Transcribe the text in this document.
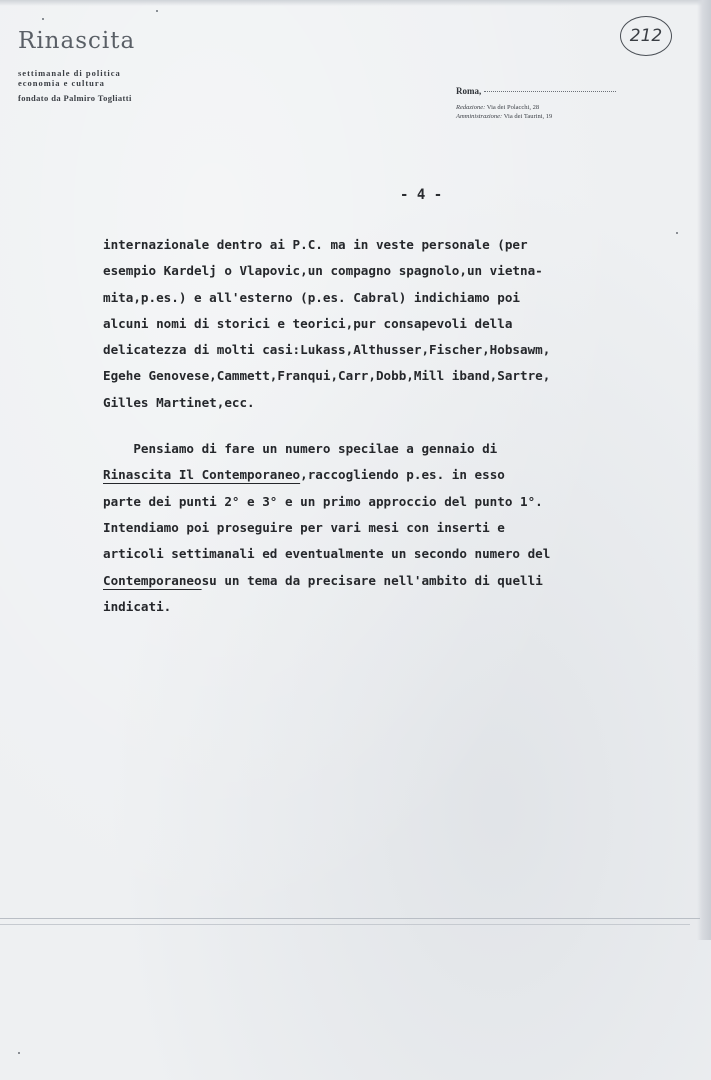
Rinascita
settimanale di politica
economia e cultura
fondato da Palmiro Togliatti
Roma,
Redazione: Via dei Polacchi, 28
Amministrazione: Via dei Taurini, 19
212
- 4 -
internazionale dentro ai P.C. ma in veste personale (per
esempio Kardelj o Vlapovic,un compagno spagnolo,un vietna-
mita,p.es.) e all'esterno (p.es. Cabral) indichiamo poi
alcuni nomi di storici e teorici,pur consapevoli della
delicatezza di molti casi:Lukass,Althusser,Fischer,Hobsawm,
Egehe Genovese,Cammett,Franqui,Carr,Dobb,Mill iband,Sartre,
Gilles Martinet,ecc.
Pensiamo di fare un numero specilae a gennaio di
Rinascita Il Contemporaneo,raccogliendo p.es. in esso
parte dei punti 2° e 3° e un primo approccio del punto 1°.
Intendiamo poi proseguire per vari mesi con inserti e
articoli settimanali ed eventualmente un secondo numero del
Contemporaneosu un tema da precisare nell'ambito di quelli
indicati.
